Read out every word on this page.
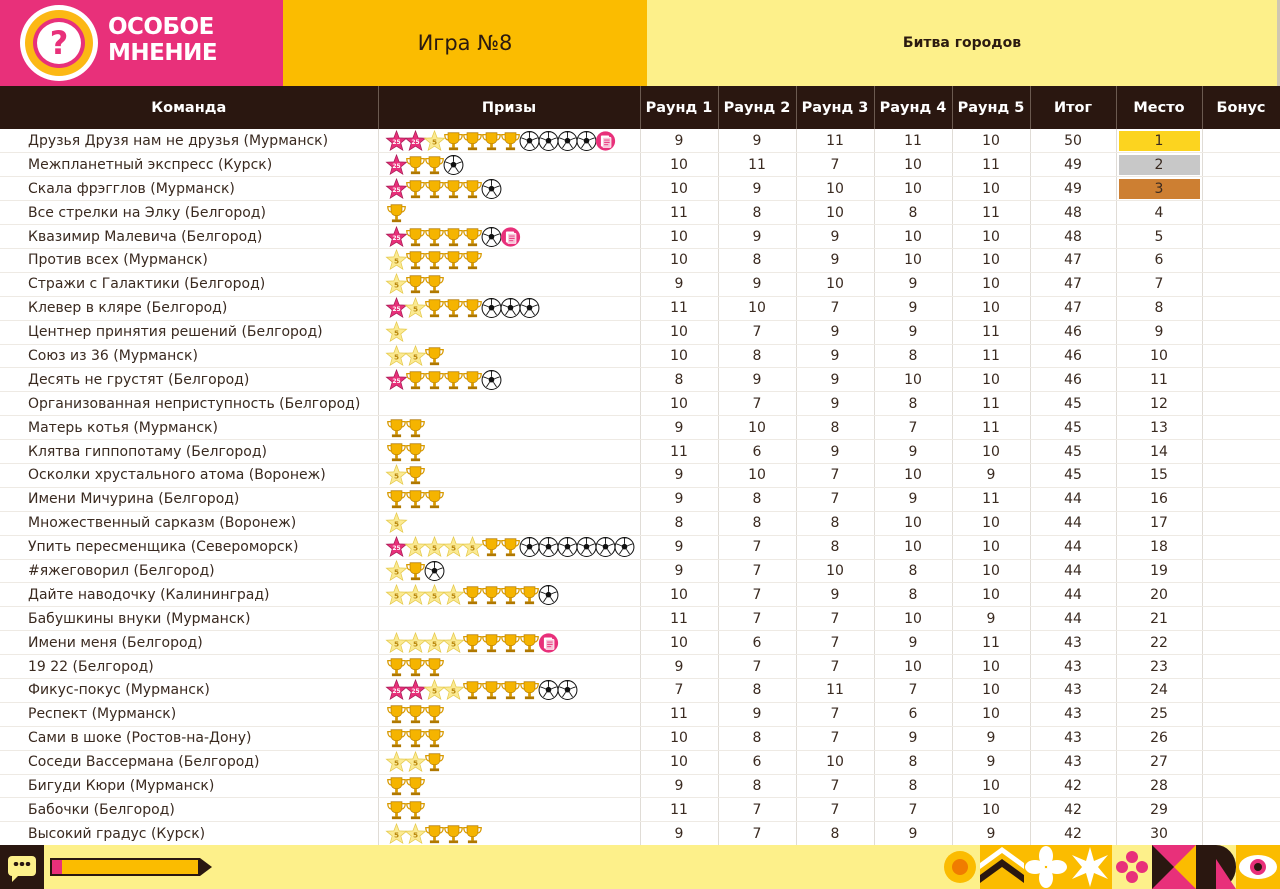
?	ОСОБОЕ
МНЕНИЕ	Игра №8	Битва городов
Команда	Призы	Раунд 1	Раунд 2	Раунд 3	Раунд 4	Раунд 5	Итог	Место	Бонус
Друзья Друзя нам не друзья (Мурманск)	25 25 5	9	9	11	11	10	50	1	

Межпланетный экспресс (Курск)	25	10	11	7	10	11	49	2	

Скала фрэгглов (Мурманск)	25	10	9	10	10	10	49	3	

Все стрелки на Элку (Белгород)		11	8	10	8	11	48	4	

Квазимир Малевича (Белгород)	25	10	9	9	10	10	48	5	

Против всех (Мурманск)	5	10	8	9	10	10	47	6	

Стражи с Галактики (Белгород)	5	9	9	10	9	10	47	7	

Клевер в кляре (Белгород)	25 5	11	10	7	9	10	47	8	

Центнер принятия решений (Белгород)	5	10	7	9	9	11	46	9	

Союз из 36 (Мурманск)	5 5	10	8	9	8	11	46	10	

Десять не грустят (Белгород)	25	8	9	9	10	10	46	11	

Организованная неприступность (Белгород)		10	7	9	8	11	45	12	

Матерь котья (Мурманск)		9	10	8	7	11	45	13	

Клятва гиппопотаму (Белгород)		11	6	9	9	10	45	14	

Осколки хрустального атома (Воронеж)	5	9	10	7	10	9	45	15	

Имени Мичурина (Белгород)		9	8	7	9	11	44	16	

Множественный сарказм (Воронеж)	5	8	8	8	10	10	44	17	

Упить пересменщика (Североморск)	25 5 5 5 5	9	7	8	10	10	44	18	

#яжеговорил (Белгород)	5	9	7	10	8	10	44	19	

Дайте наводочку (Калининград)	5 5 5 5	10	7	9	8	10	44	20	

Бабушкины внуки (Мурманск)		11	7	7	10	9	44	21	

Имени меня (Белгород)	5 5 5 5	10	6	7	9	11	43	22	

19 22 (Белгород)		9	7	7	10	10	43	23	

Фикус-покус (Мурманск)	25 25 5 5	7	8	11	7	10	43	24	

Респект (Мурманск)		11	9	7	6	10	43	25	

Сами в шоке (Ростов-на-Дону)		10	8	7	9	9	43	26	

Соседи Вассермана (Белгород)	5 5	10	6	10	8	9	43	27	

Бигуди Кюри (Мурманск)		9	8	7	8	10	42	28	

Бабочки (Белгород)		11	7	7	7	10	42	29	

Высокий градус (Курск)	5 5	9	7	8	9	9	42	30	
